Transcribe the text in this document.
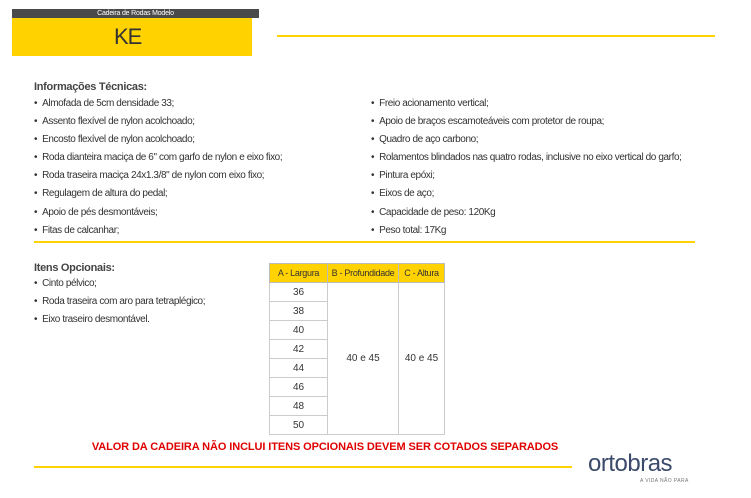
Cadeira de Rodas Modelo
KE
Informações Técnicas:
• Almofada de 5cm densidade 33;
• Assento flexível de nylon acolchoado;
• Encosto flexível de nylon acolchoado;
• Roda dianteira maciça de 6" com garfo de nylon e eixo fixo;
• Roda traseira maciça 24x1.3/8" de nylon com eixo fixo;
• Regulagem de altura do pedal;
• Apoio de pés desmontáveis;
• Fitas de calcanhar;
• Freio acionamento vertical;
• Apoio de braços escamoteáveis com protetor de roupa;
• Quadro de aço carbono;
• Rolamentos blindados nas quatro rodas, inclusive no eixo vertical do garfo;
• Pintura epóxi;
• Eixos de aço;
• Capacidade de peso: 120Kg
• Peso total: 17Kg
Itens Opcionais:
• Cinto pélvico;
• Roda traseira com aro para tetraplégico;
• Eixo traseiro desmontável.
A - Largura	B - Profundidade	C - Altura
36	40 e 45	40 e 45
38		
40		
42		
44		
46		
48		
50		
VALOR DA CADEIRA NÃO INCLUI ITENS OPCIONAIS DEVEM SER COTADOS SEPARADOS
ortobras
A VIDA NÃO PARA
